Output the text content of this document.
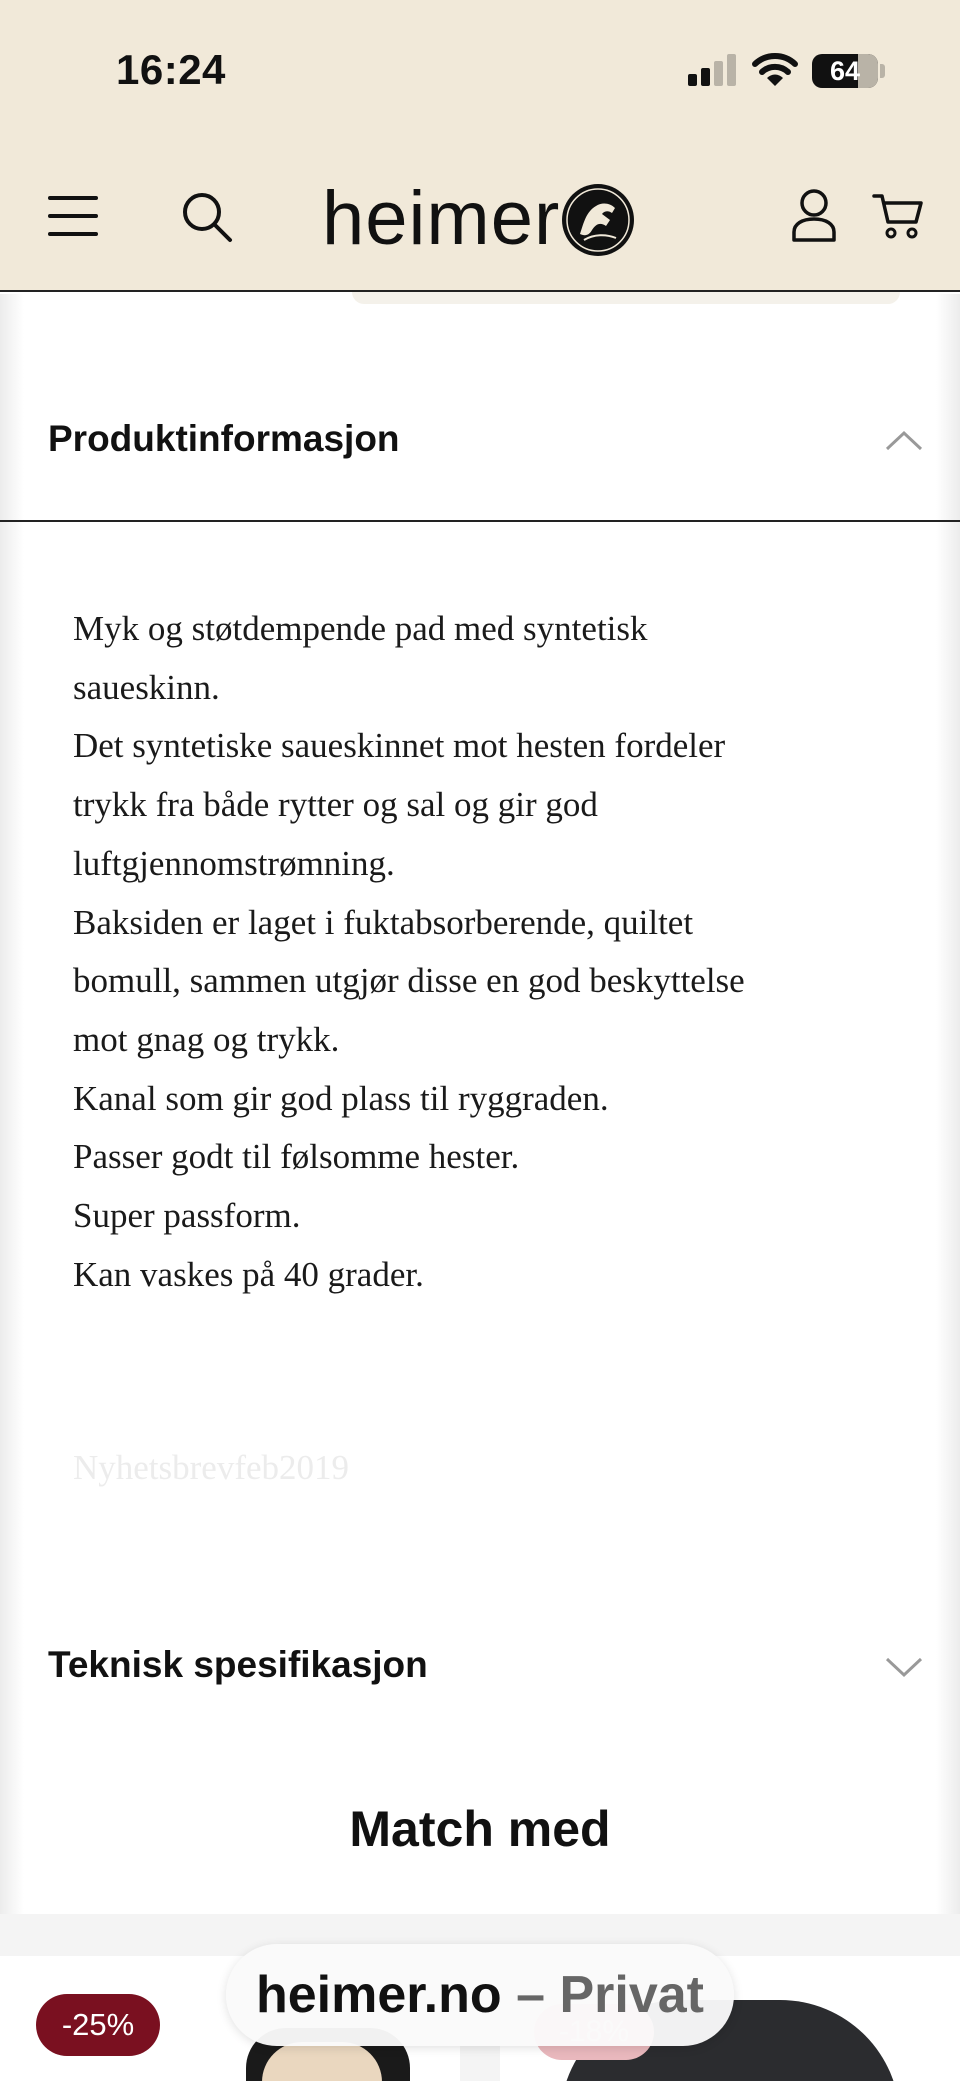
16:24	64
heimer
Produktinformasjon
Myk og støtdempende pad med syntetisk
saueskinn.
Det syntetiske saueskinnet mot hesten fordeler
trykk fra både rytter og sal og gir god
luftgjennomstrømning.
Baksiden er laget i fuktabsorberende, quiltet
bomull, sammen utgjør disse en god beskyttelse
mot gnag og trykk.
Kanal som gir god plass til ryggraden.
Passer godt til følsomme hester.
Super passform.
Kan vaskes på 40 grader.
Nyhetsbrevfeb2019
Teknisk spesifikasjon
Match med
-25%
heimer.no – Privat
